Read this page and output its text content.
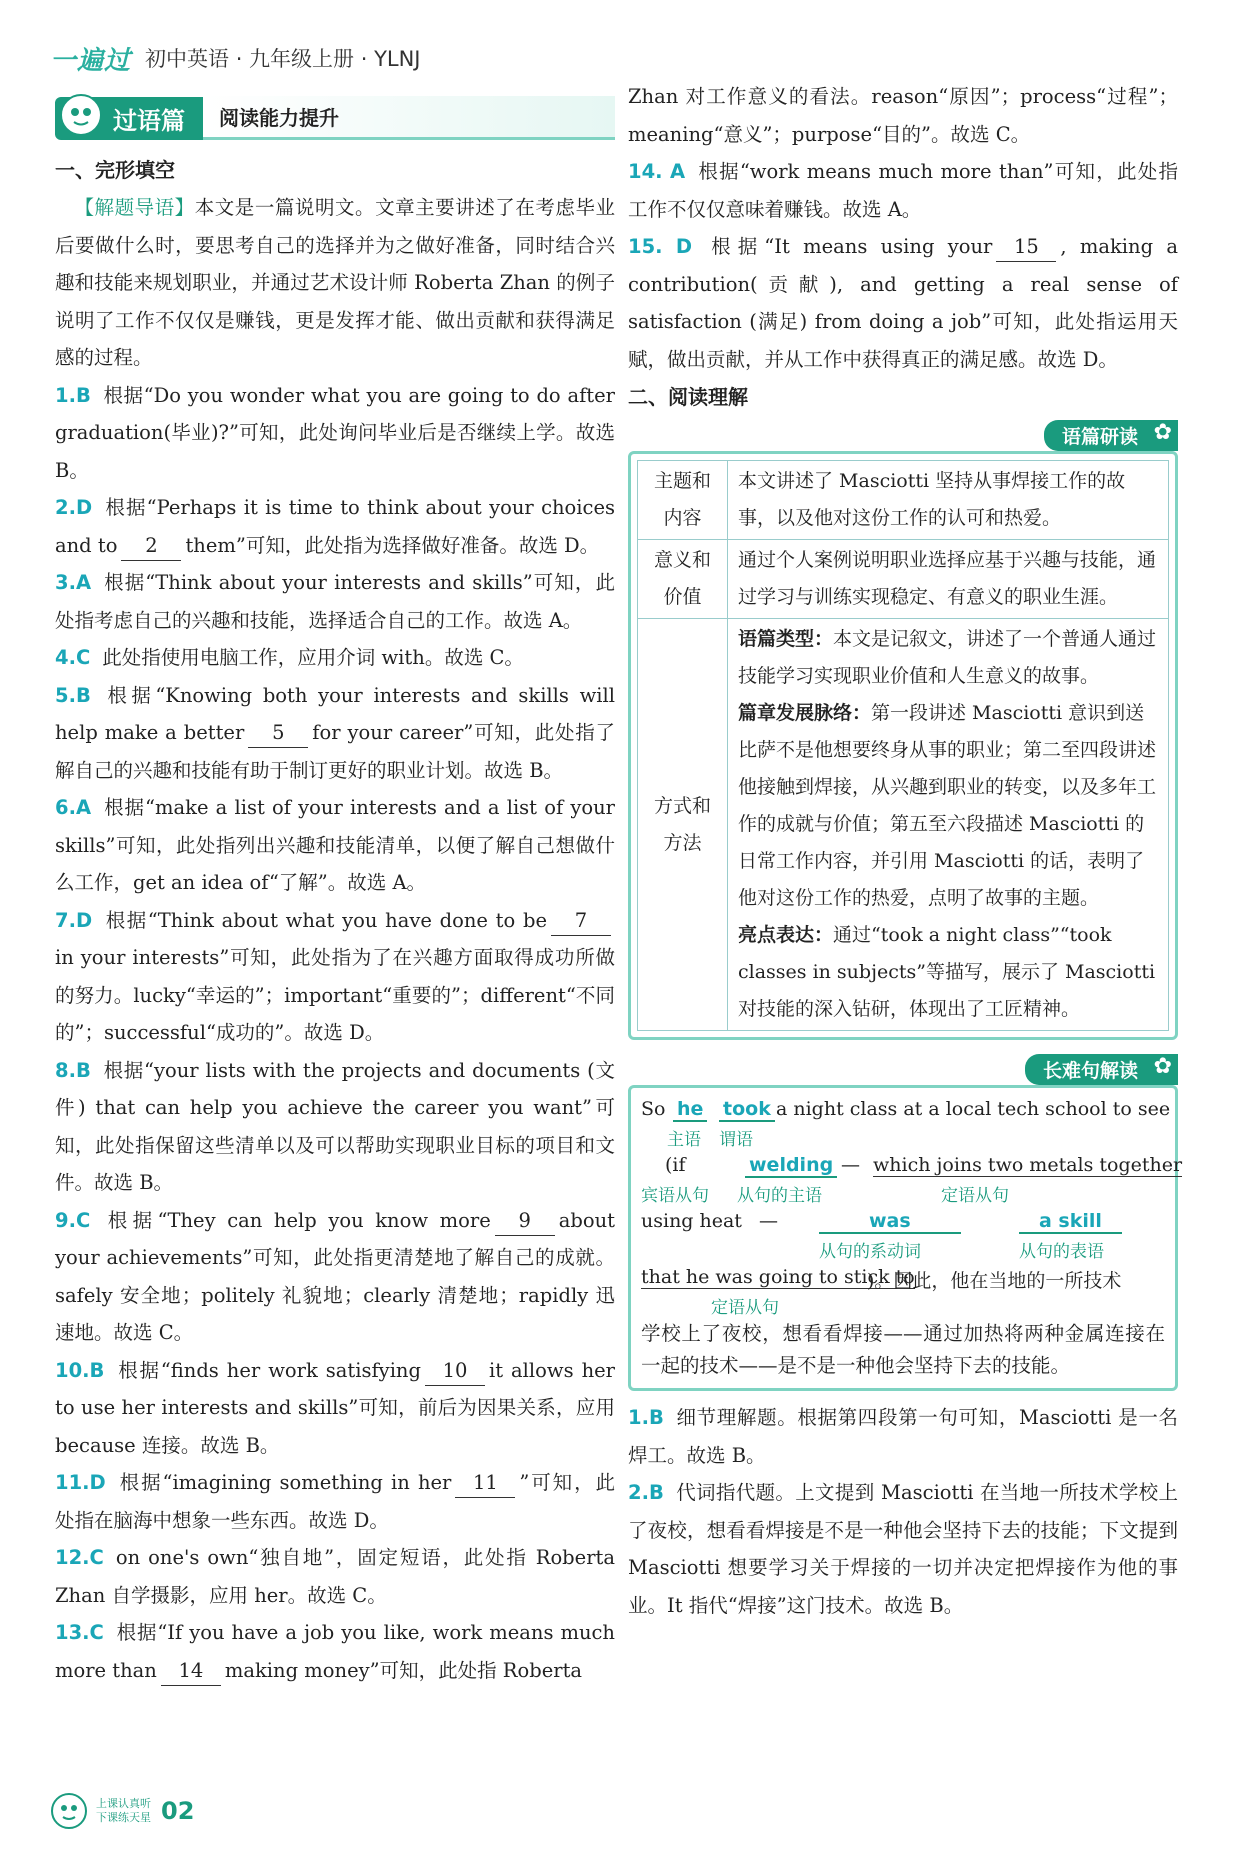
一遍过 初中英语 · 九年级上册 · YLNJ
过语篇	阅读能力提升
一、完形填空
【解题导语】本文是一篇说明文。文章主要讲述了在考虑毕业后要做什么时，要思考自己的选择并为之做好准备，同时结合兴趣和技能来规划职业，并通过艺术设计师 Roberta Zhan 的例子说明了工作不仅仅是赚钱，更是发挥才能、做出贡献和获得满足感的过程。
1.B 根据“Do you wonder what you are going to do after graduation(毕业)?”可知，此处询问毕业后是否继续上学。故选 B。
2.D 根据“Perhaps it is time to think about your choices and to 2 them”可知，此处指为选择做好准备。故选 D。
3.A 根据“Think about your interests and skills”可知，此处指考虑自己的兴趣和技能，选择适合自己的工作。故选 A。
4.C 此处指使用电脑工作，应用介词 with。故选 C。
5.B 根据“Knowing both your interests and skills will help make a better 5 for your career”可知，此处指了解自己的兴趣和技能有助于制订更好的职业计划。故选 B。
6.A 根据“make a list of your interests and a list of your skills”可知，此处指列出兴趣和技能清单，以便了解自己想做什么工作，get an idea of“了解”。故选 A。
7.D 根据“Think about what you have done to be 7in your interests”可知，此处指为了在兴趣方面取得成功所做的努力。lucky“幸运的”；important“重要的”；different“不同的”；successful“成功的”。故选 D。
8.B 根据“your lists with the projects and documents (文件) that can help you achieve the career you want”可知，此处指保留这些清单以及可以帮助实现职业目标的项目和文件。故选 B。
9.C 根据“They can help you know more 9 about your achievements”可知，此处指更清楚地了解自己的成就。safely 安全地；politely 礼貌地；clearly 清楚地；rapidly 迅速地。故选 C。
10.B 根据“finds her work satisfying 10 it allows her to use her interests and skills”可知，前后为因果关系，应用 because 连接。故选 B。
11.D 根据“imagining something in her 11 ”可知，此处指在脑海中想象一些东西。故选 D。
12.C on one's own“独自地”，固定短语，此处指 Roberta Zhan 自学摄影，应用 her。故选 C。
13.C 根据“If you have a job you like, work means much more than 14 making money”可知，此处指 Roberta
Zhan 对工作意义的看法。reason“原因”；process“过程”；meaning“意义”；purpose“目的”。故选 C。
14. A 根据“work means much more than”可知，此处指工作不仅仅意味着赚钱。故选 A。
15. D 根据“It means using your 15 , making a contribution(贡献), and getting a real sense of satisfaction (满足) from doing a job”可知，此处指运用天赋，做出贡献，并从工作中获得真正的满足感。故选 D。
二、阅读理解
语篇研读 ✿
主题和内容	本文讲述了 Masciotti 坚持从事焊接工作的故事，以及他对这份工作的认可和热爱。
意义和价值	通过个人案例说明职业选择应基于兴趣与技能，通过学习与训练实现稳定、有意义的职业生涯。
方式和方法	语篇类型：本文是记叙文，讲述了一个普通人通过技能学习实现职业价值和人生意义的故事。
篇章发展脉络：第一段讲述 Masciotti 意识到送比萨不是他想要终身从事的职业；第二至四段讲述他接触到焊接，从兴趣到职业的转变，以及多年工作的成就与价值；第五至六段描述 Masciotti 的日常工作内容，并引用 Masciotti 的话，表明了他对这份工作的热爱，点明了故事的主题。
亮点表达：通过“took a night class”“took classes in subjects”等描写，展示了 Masciotti 对技能的深入钻研，体现出了工匠精神。
长难句解读 ✿
So he took a night class at a local tech school to see
主语 谓语
(if	welding — which joins two metals together
宾语从句 从句的主语	定语从句
using heat —	was	a skill
从句的系动词	从句的表语
that he was going to stick to
)。因此，他在当地的一所技术
定语从句
学校上了夜校，想看看焊接——通过加热将两种金属连接在一起的技术——是不是一种他会坚持下去的技能。
1.B 细节理解题。根据第四段第一句可知，Masciotti 是一名焊工。故选 B。
2.B 代词指代题。上文提到 Masciotti 在当地一所技术学校上了夜校，想看看焊接是不是一种他会坚持下去的技能；下文提到 Masciotti 想要学习关于焊接的一切并决定把焊接作为他的事业。It 指代“焊接”这门技术。故选 B。
上课认真听
下课练天星 02
